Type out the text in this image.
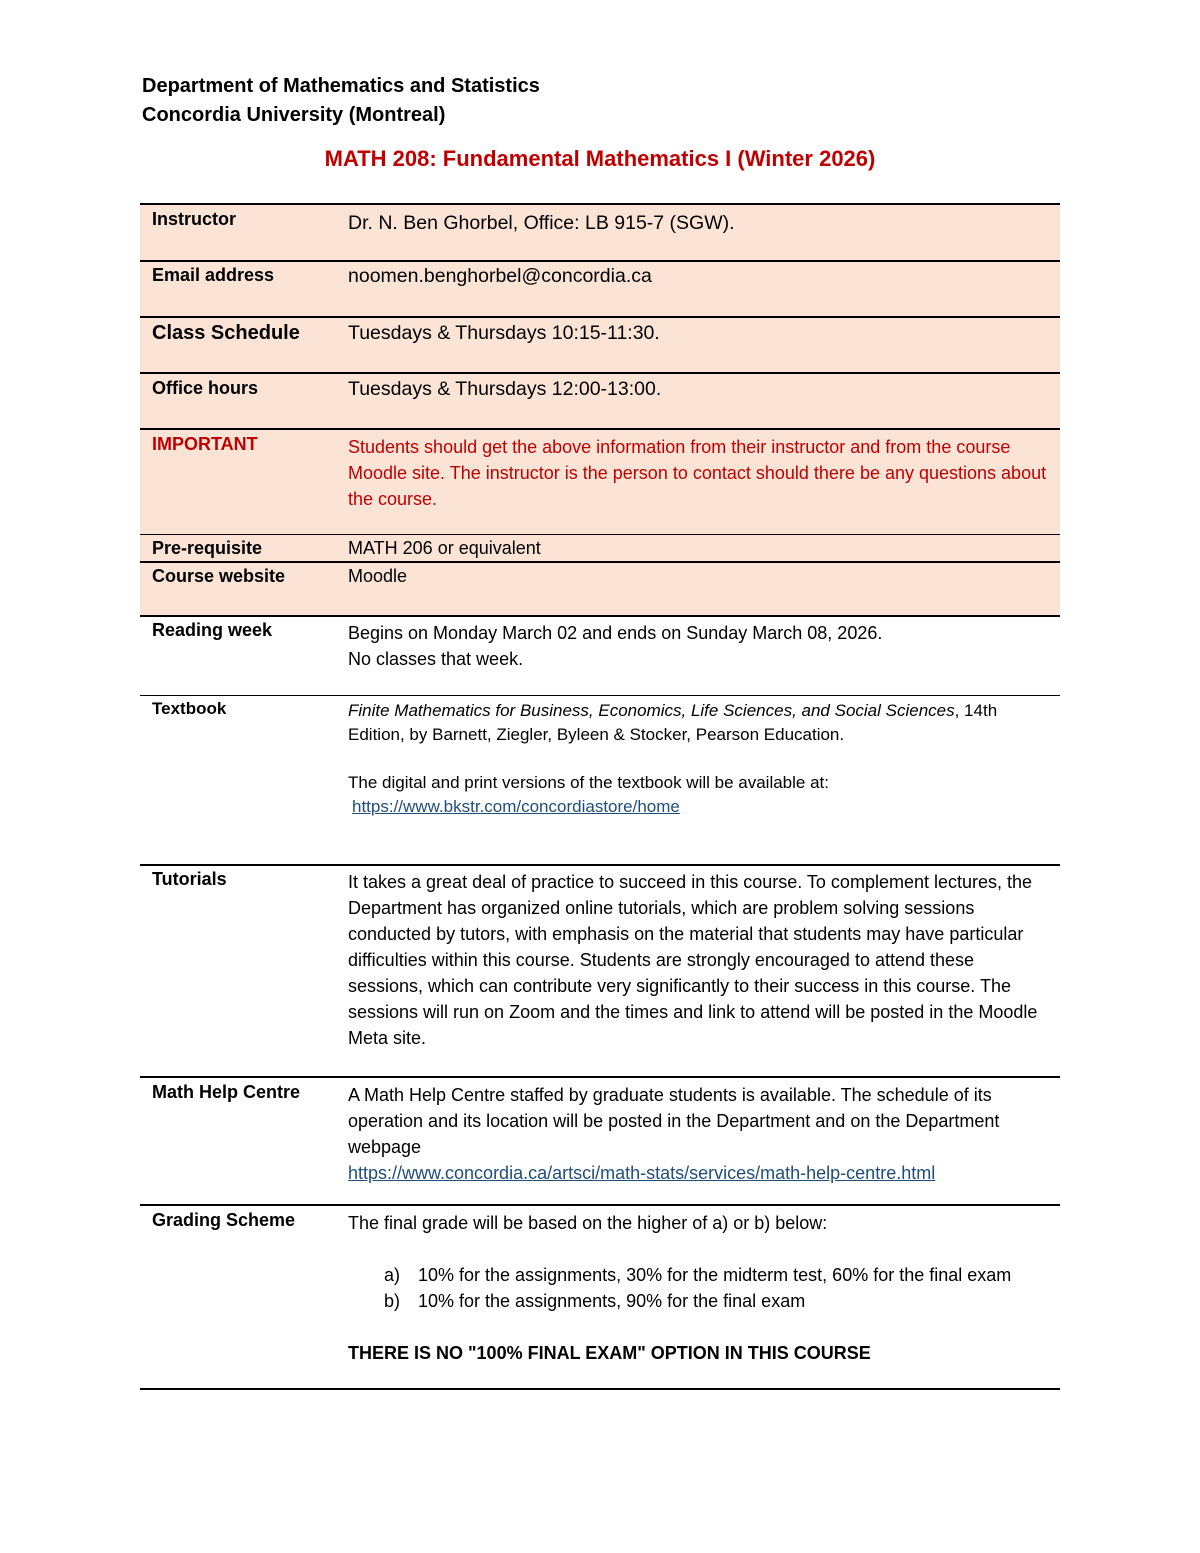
Department of Mathematics and Statistics
Concordia University (Montreal)
MATH 208: Fundamental Mathematics I (Winter 2026)
Instructor	Dr. N. Ben Ghorbel, Office: LB 915-7 (SGW).
Email address	noomen.benghorbel@concordia.ca
Class Schedule	Tuesdays & Thursdays 10:15-11:30.
Office hours	Tuesdays & Thursdays 12:00-13:00.
IMPORTANT	Students should get the above information from their instructor and from the course Moodle site. The instructor is the person to contact should there be any questions about the course.
Pre-requisite	MATH 206 or equivalent
Course website	Moodle
Reading week	Begins on Monday March 02 and ends on Sunday March 08, 2026.

No classes that week.

Textbook	Finite Mathematics for Business, Economics, Life Sciences, and Social Sciences, 14th Edition, by Barnett, Ziegler, Byleen & Stocker, Pearson Education.

The digital and print versions of the textbook will be available at:

https://www.bkstr.com/concordiastore/home

Tutorials	It takes a great deal of practice to succeed in this course. To complement lectures, the Department has organized online tutorials, which are problem solving sessions conducted by tutors, with emphasis on the material that students may have particular difficulties within this course. Students are strongly encouraged to attend these sessions, which can contribute very significantly to their success in this course. The sessions will run on Zoom and the times and link to attend will be posted in the Moodle Meta site.
Math Help Centre	A Math Help Centre staffed by graduate students is available. The schedule of its operation and its location will be posted in the Department and on the Department webpage

https://www.concordia.ca/artsci/math-stats/services/math-help-centre.html

Grading Scheme	The final grade will be based on the higher of a) or b) below:

a) 10% for the assignments, 30% for the midterm test, 60% for the final exam
b) 10% for the assignments, 90% for the final exam

THERE IS NO "100% FINAL EXAM" OPTION IN THIS COURSE
